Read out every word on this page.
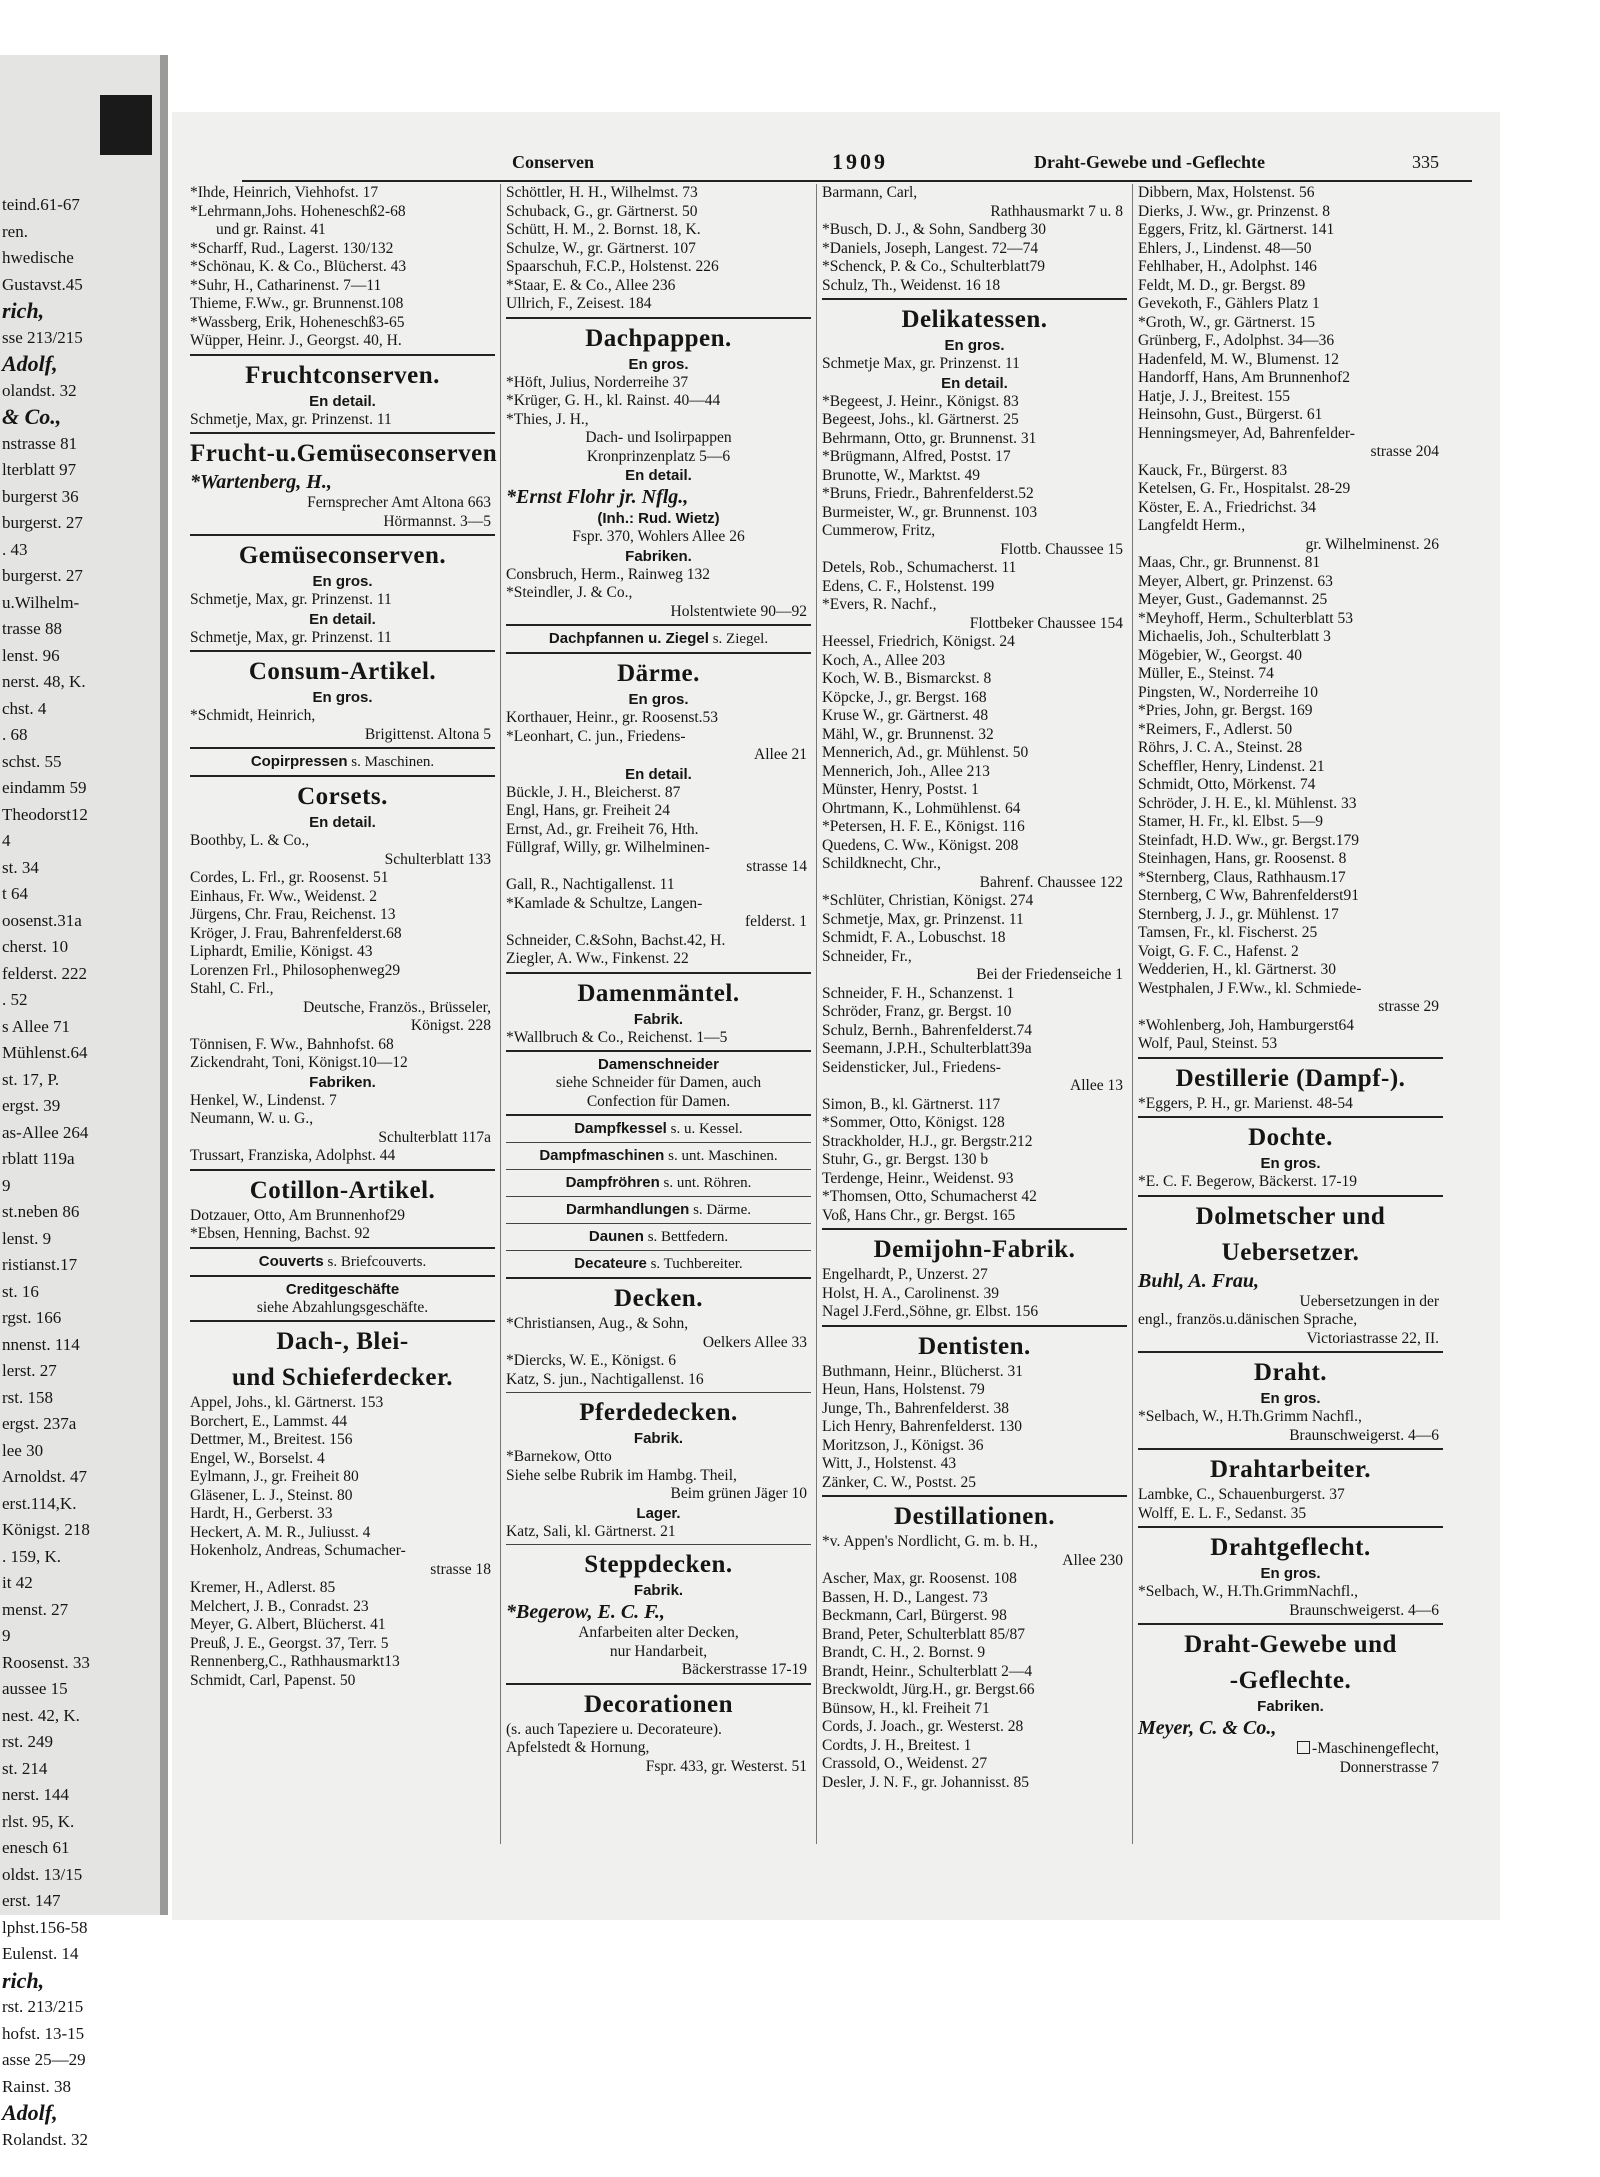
teind.61-67
ren.
hwedische
Gustavst.45
rich,
sse 213/215
Adolf,
olandst. 32
& Co.,
nstrasse 81
lterblatt 97
burgerst 36
burgerst. 27
. 43
burgerst. 27
u.Wilhelm-
trasse 88
lenst. 96
nerst. 48, K.
chst. 4
. 68
schst. 55
eindamm 59
Theodorst12
4
st. 34
t 64
oosenst.31a
cherst. 10
felderst. 222
. 52
s Allee 71
Mühlenst.64
st. 17, P.
ergst. 39
as-Allee 264
rblatt 119a
9
st.neben 86
lenst. 9
ristianst.17
st. 16
rgst. 166
nnenst. 114
lerst. 27
rst. 158
ergst. 237a
lee 30
Arnoldst. 47
erst.114,K.
Königst. 218
. 159, K.
it 42
menst. 27
9
Roosenst. 33
aussee 15
nest. 42, K.
rst. 249
st. 214
nerst. 144
rlst. 95, K.
enesch 61
oldst. 13/15
erst. 147
lphst.156-58
Eulenst. 14
rich,
rst. 213/215
hofst. 13-15
asse 25—29
Rainst. 38
Adolf,
Rolandst. 32
Conserven	1909	Draht-Gewebe und -Geflechte	335
*Ihde, Heinrich, Viehhofst. 17
*Lehrmann,Johs. Hoheneschß2-68
und gr. Rainst. 41
*Scharff, Rud., Lagerst. 130/132
*Schönau, K. & Co., Blücherst. 43
*Suhr, H., Catharinenst. 7—11
Thieme, F.Ww., gr. Brunnenst.108
*Wassberg, Erik, Hoheneschß3-65
Wüpper, Heinr. J., Georgst. 40, H.
Fruchtconserven.
En detail.
Schmetje, Max, gr. Prinzenst. 11
Frucht-u.Gemüseconserven
*Wartenberg, H.,
Fernsprecher Amt Altona 663
Hörmannst. 3—5
Gemüseconserven.
En gros.
Schmetje, Max, gr. Prinzenst. 11
En detail.
Schmetje, Max, gr. Prinzenst. 11
Consum-Artikel.
En gros.
*Schmidt, Heinrich,
Brigittenst. Altona 5
Copirpressen s. Maschinen.
Corsets.
En detail.
Boothby, L. & Co.,
Schulterblatt 133
Cordes, L. Frl., gr. Roosenst. 51
Einhaus, Fr. Ww., Weidenst. 2
Jürgens, Chr. Frau, Reichenst. 13
Kröger, J. Frau, Bahrenfelderst.68
Liphardt, Emilie, Königst. 43
Lorenzen Frl., Philosophenweg29
Stahl, C. Frl.,
Deutsche, Französ., Brüsseler,
Königst. 228
Tönnisen, F. Ww., Bahnhofst. 68
Zickendraht, Toni, Königst.10—12
Fabriken.
Henkel, W., Lindenst. 7
Neumann, W. u. G.,
Schulterblatt 117a
Trussart, Franziska, Adolphst. 44
Cotillon-Artikel.
Dotzauer, Otto, Am Brunnenhof29
*Ebsen, Henning, Bachst. 92
Couverts s. Briefcouverts.
Creditgeschäfte
siehe Abzahlungsgeschäfte.
Dach-, Blei-
und Schieferdecker.
Appel, Johs., kl. Gärtnerst. 153
Borchert, E., Lammst. 44
Dettmer, M., Breitest. 156
Engel, W., Borselst. 4
Eylmann, J., gr. Freiheit 80
Gläsener, L. J., Steinst. 80
Hardt, H., Gerberst. 33
Heckert, A. M. R., Juliusst. 4
Hokenholz, Andreas, Schumacher-
strasse 18
Kremer, H., Adlerst. 85
Melchert, J. B., Conradst. 23
Meyer, G. Albert, Blücherst. 41
Preuß, J. E., Georgst. 37, Terr. 5
Rennenberg,C., Rathhausmarkt13
Schmidt, Carl, Papenst. 50
Schöttler, H. H., Wilhelmst. 73
Schuback, G., gr. Gärtnerst. 50
Schütt, H. M., 2. Bornst. 18, K.
Schulze, W., gr. Gärtnerst. 107
Spaarschuh, F.C.P., Holstenst. 226
*Staar, E. & Co., Allee 236
Ullrich, F., Zeisest. 184
Dachpappen.
En gros.
*Höft, Julius, Norderreihe 37
*Krüger, G. H., kl. Rainst. 40—44
*Thies, J. H.,
Dach- und Isolirpappen
Kronprinzenplatz 5—6
En detail.
*Ernst Flohr jr. Nflg.,
(Inh.: Rud. Wietz)
Fspr. 370, Wohlers Allee 26
Fabriken.
Consbruch, Herm., Rainweg 132
*Steindler, J. & Co.,
Holstentwiete 90—92
Dachpfannen u. Ziegel s. Ziegel.
Därme.
En gros.
Korthauer, Heinr., gr. Roosenst.53
*Leonhart, C. jun., Friedens-
Allee 21
En detail.
Bückle, J. H., Bleicherst. 87
Engl, Hans, gr. Freiheit 24
Ernst, Ad., gr. Freiheit 76, Hth.
Füllgraf, Willy, gr. Wilhelminen-
strasse 14
Gall, R., Nachtigallenst. 11
*Kamlade & Schultze, Langen-
felderst. 1
Schneider, C.&Sohn, Bachst.42, H.
Ziegler, A. Ww., Finkenst. 22
Damenmäntel.
Fabrik.
*Wallbruch & Co., Reichenst. 1—5
Damenschneider
siehe Schneider für Damen, auch
Confection für Damen.
Dampfkessel s. u. Kessel.
Dampfmaschinen s. unt. Maschinen.
Dampfröhren s. unt. Röhren.
Darmhandlungen s. Därme.
Daunen s. Bettfedern.
Decateure s. Tuchbereiter.
Decken.
*Christiansen, Aug., & Sohn,
Oelkers Allee 33
*Diercks, W. E., Königst. 6
Katz, S. jun., Nachtigallenst. 16
Pferdedecken.
Fabrik.
*Barnekow, Otto
Siehe selbe Rubrik im Hambg. Theil,
Beim grünen Jäger 10
Lager.
Katz, Sali, kl. Gärtnerst. 21
Steppdecken.
Fabrik.
*Begerow, E. C. F.,
Anfarbeiten alter Decken,
nur Handarbeit,
Bäckerstrasse 17-19
Decorationen
(s. auch Tapeziere u. Decorateure).
Apfelstedt & Hornung,
Fspr. 433, gr. Westerst. 51
Barmann, Carl,
Rathhausmarkt 7 u. 8
*Busch, D. J., & Sohn, Sandberg 30
*Daniels, Joseph, Langest. 72—74
*Schenck, P. & Co., Schulterblatt79
Schulz, Th., Weidenst. 16 18
Delikatessen.
En gros.
Schmetje Max, gr. Prinzenst. 11
En detail.
*Begeest, J. Heinr., Königst. 83
Begeest, Johs., kl. Gärtnerst. 25
Behrmann, Otto, gr. Brunnenst. 31
*Brügmann, Alfred, Postst. 17
Brunotte, W., Marktst. 49
*Bruns, Friedr., Bahrenfelderst.52
Burmeister, W., gr. Brunnenst. 103
Cummerow, Fritz,
Flottb. Chaussee 15
Detels, Rob., Schumacherst. 11
Edens, C. F., Holstenst. 199
*Evers, R. Nachf.,
Flottbeker Chaussee 154
Heessel, Friedrich, Königst. 24
Koch, A., Allee 203
Koch, W. B., Bismarckst. 8
Köpcke, J., gr. Bergst. 168
Kruse W., gr. Gärtnerst. 48
Mähl, W., gr. Brunnenst. 32
Mennerich, Ad., gr. Mühlenst. 50
Mennerich, Joh., Allee 213
Münster, Henry, Postst. 1
Ohrtmann, K., Lohmühlenst. 64
*Petersen, H. F. E., Königst. 116
Quedens, C. Ww., Königst. 208
Schildknecht, Chr.,
Bahrenf. Chaussee 122
*Schlüter, Christian, Königst. 274
Schmetje, Max, gr. Prinzenst. 11
Schmidt, F. A., Lobuschst. 18
Schneider, Fr.,
Bei der Friedenseiche 1
Schneider, F. H., Schanzenst. 1
Schröder, Franz, gr. Bergst. 10
Schulz, Bernh., Bahrenfelderst.74
Seemann, J.P.H., Schulterblatt39a
Seidensticker, Jul., Friedens-
Allee 13
Simon, B., kl. Gärtnerst. 117
*Sommer, Otto, Königst. 128
Strackholder, H.J., gr. Bergstr.212
Stuhr, G., gr. Bergst. 130 b
Terdenge, Heinr., Weidenst. 93
*Thomsen, Otto, Schumacherst 42
Voß, Hans Chr., gr. Bergst. 165
Demijohn-Fabrik.
Engelhardt, P., Unzerst. 27
Holst, H. A., Carolinenst. 39
Nagel J.Ferd.,Söhne, gr. Elbst. 156
Dentisten.
Buthmann, Heinr., Blücherst. 31
Heun, Hans, Holstenst. 79
Junge, Th., Bahrenfelderst. 38
Lich Henry, Bahrenfelderst. 130
Moritzson, J., Königst. 36
Witt, J., Holstenst. 43
Zänker, C. W., Postst. 25
Destillationen.
*v. Appen's Nordlicht, G. m. b. H.,
Allee 230
Ascher, Max, gr. Roosenst. 108
Bassen, H. D., Langest. 73
Beckmann, Carl, Bürgerst. 98
Brand, Peter, Schulterblatt 85/87
Brandt, C. H., 2. Bornst. 9
Brandt, Heinr., Schulterblatt 2—4
Breckwoldt, Jürg.H., gr. Bergst.66
Bünsow, H., kl. Freiheit 71
Cords, J. Joach., gr. Westerst. 28
Cordts, J. H., Breitest. 1
Crassold, O., Weidenst. 27
Desler, J. N. F., gr. Johannisst. 85
Dibbern, Max, Holstenst. 56
Dierks, J. Ww., gr. Prinzenst. 8
Eggers, Fritz, kl. Gärtnerst. 141
Ehlers, J., Lindenst. 48—50
Fehlhaber, H., Adolphst. 146
Feldt, M. D., gr. Bergst. 89
Gevekoth, F., Gählers Platz 1
*Groth, W., gr. Gärtnerst. 15
Grünberg, F., Adolphst. 34—36
Hadenfeld, M. W., Blumenst. 12
Handorff, Hans, Am Brunnenhof2
Hatje, J. J., Breitest. 155
Heinsohn, Gust., Bürgerst. 61
Henningsmeyer, Ad, Bahrenfelder-
strasse 204
Kauck, Fr., Bürgerst. 83
Ketelsen, G. Fr., Hospitalst. 28-29
Köster, E. A., Friedrichst. 34
Langfeldt Herm.,
gr. Wilhelminenst. 26
Maas, Chr., gr. Brunnenst. 81
Meyer, Albert, gr. Prinzenst. 63
Meyer, Gust., Gademannst. 25
*Meyhoff, Herm., Schulterblatt 53
Michaelis, Joh., Schulterblatt 3
Mögebier, W., Georgst. 40
Müller, E., Steinst. 74
Pingsten, W., Norderreihe 10
*Pries, John, gr. Bergst. 169
*Reimers, F., Adlerst. 50
Röhrs, J. C. A., Steinst. 28
Scheffler, Henry, Lindenst. 21
Schmidt, Otto, Mörkenst. 74
Schröder, J. H. E., kl. Mühlenst. 33
Stamer, H. Fr., kl. Elbst. 5—9
Steinfadt, H.D. Ww., gr. Bergst.179
Steinhagen, Hans, gr. Roosenst. 8
*Sternberg, Claus, Rathhausm.17
Sternberg, C Ww, Bahrenfelderst91
Sternberg, J. J., gr. Mühlenst. 17
Tamsen, Fr., kl. Fischerst. 25
Voigt, G. F. C., Hafenst. 2
Wedderien, H., kl. Gärtnerst. 30
Westphalen, J F.Ww., kl. Schmiede-
strasse 29
*Wohlenberg, Joh, Hamburgerst64
Wolf, Paul, Steinst. 53
Destillerie (Dampf-).
*Eggers, P. H., gr. Marienst. 48-54
Dochte.
En gros.
*E. C. F. Begerow, Bäckerst. 17-19
Dolmetscher und
Uebersetzer.
Buhl, A. Frau,
Uebersetzungen in der
engl., französ.u.dänischen Sprache,
Victoriastrasse 22, II.
Draht.
En gros.
*Selbach, W., H.Th.Grimm Nachfl.,
Braunschweigerst. 4—6
Drahtarbeiter.
Lambke, C., Schauenburgerst. 37
Wolff, E. L. F., Sedanst. 35
Drahtgeflecht.
En gros.
*Selbach, W., H.Th.GrimmNachfl.,
Braunschweigerst. 4—6
Draht-Gewebe und
-Geflechte.
Fabriken.
Meyer, C. & Co.,
-Maschinengeflecht,
Donnerstrasse 7
